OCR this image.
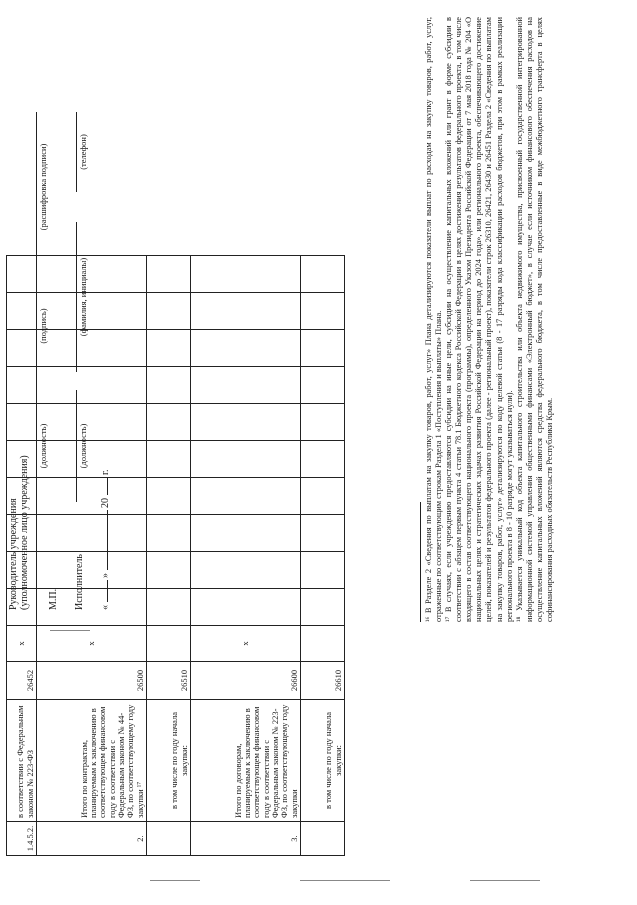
1.4.5.2.	в соответствии с Федеральным законом № 223-ФЗ	26452	x										
2.	Итого по контрактам, планируемым к заключению в соответствующем финансовом году в соответствии с Федеральным законом № 44-ФЗ, по соответствующему году закупки ¹⁷	26500	x										
	в том числе по году начала закупки:	26510											
3.	Итого по договорам, планируемым к заключению в соответствующем финансовом году в соответствии с Федеральным законом № 223-ФЗ, по соответствующему году закупки	26600	x										
	в том числе по году начала закупки:	26610											
Руководитель учреждения (уполномоченное лицо учреждения)
(должность)
(подпись)
(расшифровка подписи)
М.П. Исполнитель
(должность)
(фамилия, инициалы)
(телефон)
«  »  20  г.	¹⁶ В Разделе 2 «Сведения по выплатам на закупку товаров, работ, услуг» Плана детализируются показатели выплат по расходам на закупку товаров, работ, услуг, отраженные по соответствующим строкам Раздела 1 «Поступления и выплаты» Плана. ¹⁷ В случаях, если учреждению предоставляются субсидии на иные цели, субсидии на осуществление капитальных вложений или грант в форме субсидии в соответствии с абзацем первым пункта 4 статьи 78.1 Бюджетного кодекса Российской Федерации в целях достижения результатов федерального проекта, в том числе входящего в состав соответствующего национального проекта (программы), определенного Указом Президента Российской Федерации от 7 мая 2018 года № 204 «О национальных целях и стратегических задачах развития Российской Федерации на период до 2024 года», или регионального проекта, обеспечивающего достижение целей, показателей и результатов федерального проекта (далее - региональный проект), показатели строк 26310, 26421, 26430 и 26451 Раздела 2 «Сведения по выплатам на закупку товаров, работ, услуг» детализируются по коду целевой статьи (8 - 17 разряды кода классификации расходов бюджетов, при этом в рамках реализации регионального проекта в 8 - 10 разряде могут указываться нули). ¹⁸ Указывается уникальный код объекта капитального строительства или объекта недвижимого имущества, присвоенный государственной интегрированной информационной системой управления общественными финансами «Электронный бюджет», в случае если источником финансового обеспечения расходов на осуществление капитальных вложений являются средства федерального бюджета, в том числе предоставленные в виде межбюджетного трансферта в целях софинансирования расходных обязательств Республики Крым.
